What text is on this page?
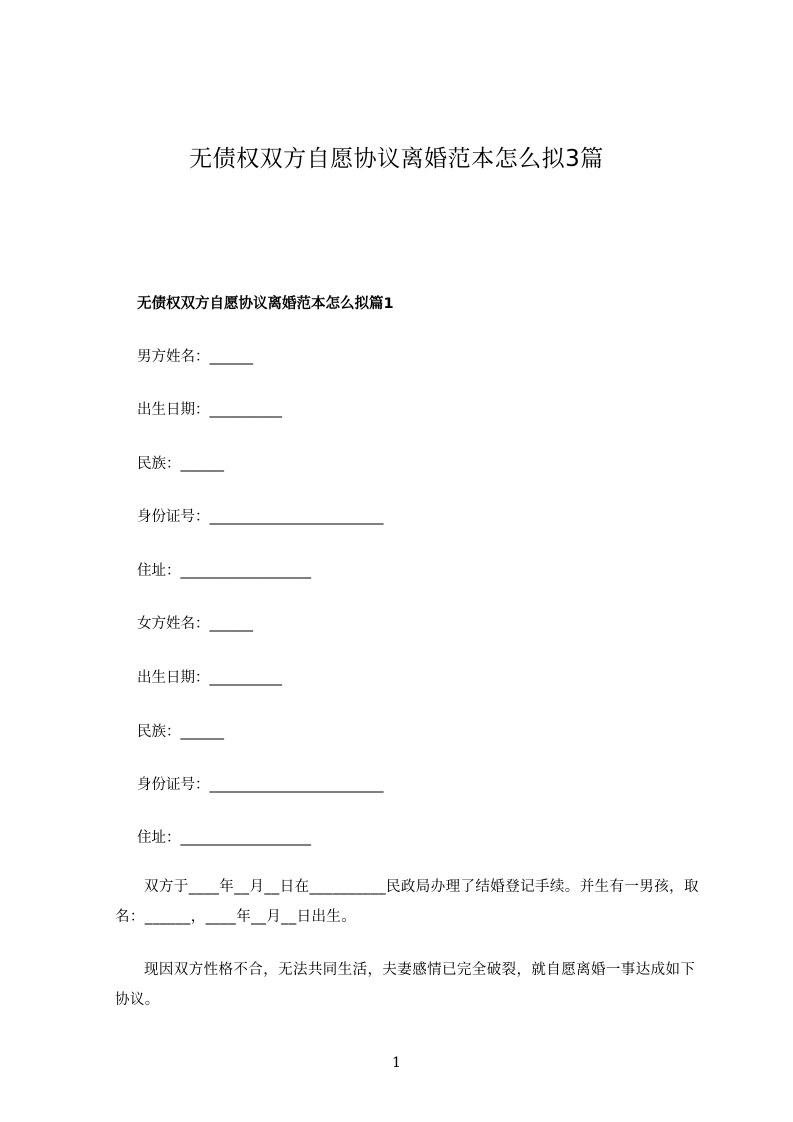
无债权双方自愿协议离婚范本怎么拟3篇
无债权双方自愿协议离婚范本怎么拟篇1
男方姓名：______
出生日期：__________
民族：______
身份证号：________________________
住址：__________________
女方姓名：______
出生日期：__________
民族：______
身份证号：________________________
住址：__________________
双方于____年__月__日在__________民政局办理了结婚登记手续。并生有一男孩，取名：______，____年__月__日出生。
现因双方性格不合，无法共同生活，夫妻感情已完全破裂，就自愿离婚一事达成如下协议。
1
